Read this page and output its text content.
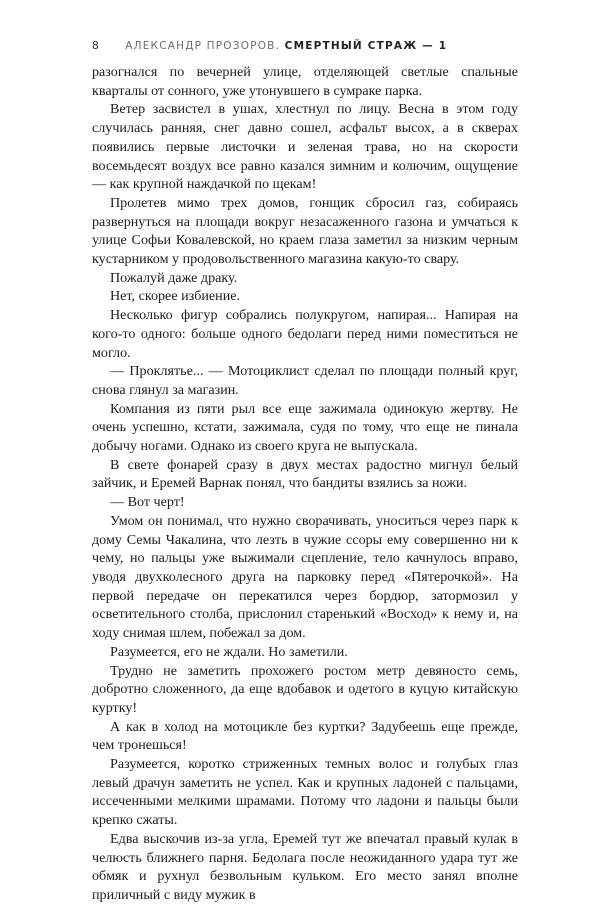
8	АЛЕКСАНДР ПРОЗОРОВ. СМЕРТНЫЙ СТРАЖ — 1

разогнался по вечерней улице, отделяющей светлые спальные кварталы от сонного, уже утонувшего в сумраке парка.

Ветер засвистел в ушах, хлестнул по лицу. Весна в этом году случилась ранняя, снег давно сошел, асфальт высох, а в скверах появились первые листочки и зеленая трава, но на скорости восемьдесят воздух все равно казался зимним и колючим, ощущение — как крупной наждачкой по щекам!

Пролетев мимо трех домов, гонщик сбросил газ, собираясь развернуться на площади вокруг незасаженного газона и умчаться к улице Софьи Ковалевской, но краем глаза заметил за низким черным кустарником у продовольственного магазина какую-то свару.

Пожалуй даже драку.

Нет, скорее избиение.

Несколько фигур собрались полукругом, напирая... Напирая на кого-то одного: больше одного бедолаги перед ними поместиться не могло.

— Проклятье... — Мотоциклист сделал по площади полный круг, снова глянул за магазин.

Компания из пяти рыл все еще зажимала одинокую жертву. Не очень успешно, кстати, зажимала, судя по тому, что еще не пинала добычу ногами. Однако из своего круга не выпускала.

В свете фонарей сразу в двух местах радостно мигнул белый зайчик, и Еремей Варнак понял, что бандиты взялись за ножи.

— Вот черт!

Умом он понимал, что нужно сворачивать, уноситься через парк к дому Семы Чакалина, что лезть в чужие ссоры ему совершенно ни к чему, но пальцы уже выжимали сцепление, тело качнулось вправо, уводя двухколесного друга на парковку перед «Пятерочкой». На первой передаче он перекатился через бордюр, затормозил у осветительного столба, прислонил старенький «Восход» к нему и, на ходу снимая шлем, побежал за дом.

Разумеется, его не ждали. Но заметили.

Трудно не заметить прохожего ростом метр девяносто семь, добротно сложенного, да еще вдобавок и одетого в куцую китайскую куртку!

А как в холод на мотоцикле без куртки? Задубеешь еще прежде, чем тронешься!

Разумеется, коротко стриженных темных волос и голубых глаз левый драчун заметить не успел. Как и крупных ладоней с пальцами, иссеченными мелкими шрамами. Потому что ладони и пальцы были крепко сжаты.

Едва выскочив из-за угла, Еремей тут же впечатал правый кулак в челюсть ближнего парня. Бедолага после неожиданного удара тут же обмяк и рухнул безвольным кульком. Его место занял вполне приличный с виду мужик в
